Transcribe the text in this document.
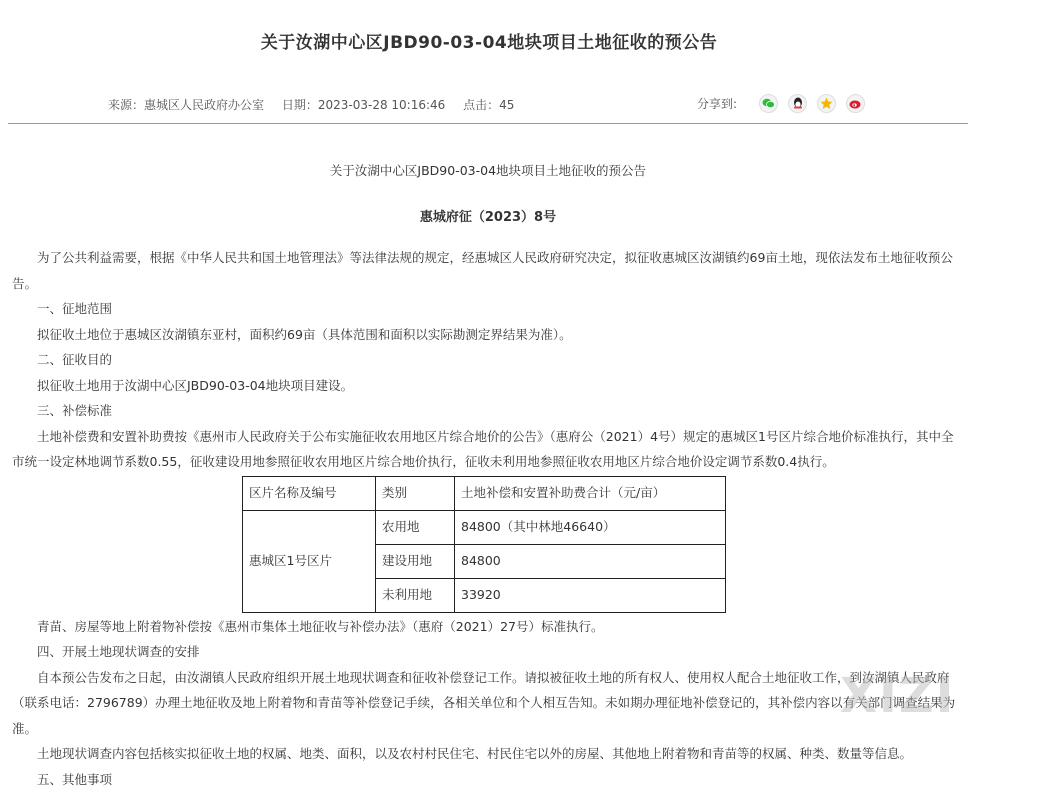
关于汝湖中心区JBD90-03-04地块项目土地征收的预公告
来源：惠城区人民政府办公室 日期：2023-03-28 10:16:46 点击：45	分享到:

关于汝湖中心区JBD90-03-04地块项目土地征收的预公告

惠城府征（2023）8号

为了公共利益需要，根据《中华人民共和国土地管理法》等法律法规的规定，经惠城区人民政府研究决定，拟征收惠城区汝湖镇约69亩土地，现依法发布土地征收预公告。

一、征地范围

拟征收土地位于惠城区汝湖镇东亚村，面积约69亩（具体范围和面积以实际勘测定界结果为准）。

二、征收目的

拟征收土地用于汝湖中心区JBD90-03-04地块项目建设。

三、补偿标准

土地补偿费和安置补助费按《惠州市人民政府关于公布实施征收农用地区片综合地价的公告》（惠府公（2021）4号）规定的惠城区1号区片综合地价标准执行，其中全市统一设定林地调节系数0.55，征收建设用地参照征收农用地区片综合地价执行，征收未利用地参照征收农用地区片综合地价设定调节系数0.4执行。

区片名称及编号	类别	土地补偿和安置补助费合计（元/亩）
惠城区1号区片	农用地	84800（其中林地46640）
	建设用地	84800
	未利用地	33920

青苗、房屋等地上附着物补偿按《惠州市集体土地征收与补偿办法》（惠府（2021）27号）标准执行。

四、开展土地现状调查的安排

自本预公告发布之日起，由汝湖镇人民政府组织开展土地现状调查和征收补偿登记工作。请拟被征收土地的所有权人、使用权人配合土地征收工作，到汝湖镇人民政府（联系电话：2796789）办理土地征收及地上附着物和青苗等补偿登记手续，各相关单位和个人相互告知。未如期办理征地补偿登记的，其补偿内容以有关部门调查结果为准。

土地现状调查内容包括核实拟征收土地的权属、地类、面积，以及农村村民住宅、村民住宅以外的房屋、其他地上附着物和青苗等的权属、种类、数量等信息。

五、其他事项

XIZI
